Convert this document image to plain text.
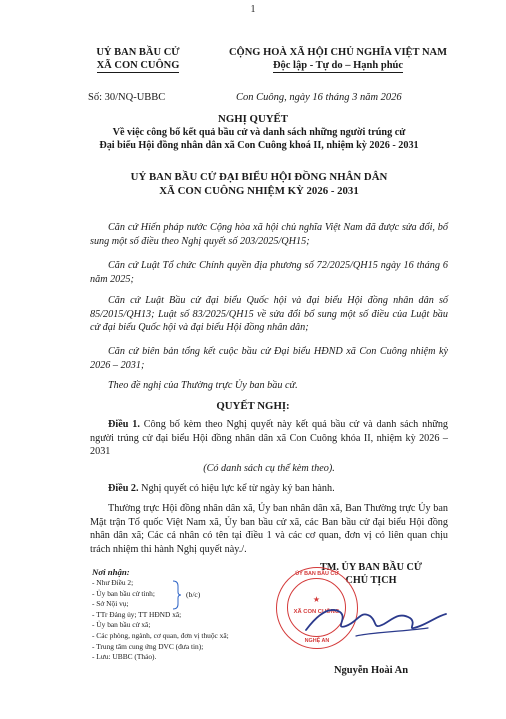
1
UỶ BAN BẦU CỬ
XÃ CON CUÔNG
CỘNG HOÀ XÃ HỘI CHỦ NGHĨA VIỆT NAM
Độc lập - Tự do – Hạnh phúc
Số: 30/NQ-UBBC	Con Cuông, ngày 16 tháng 3 năm 2026
NGHỊ QUYẾT
Về việc công bố kết quả bầu cử và danh sách những người trúng cử
Đại biểu Hội đồng nhân dân xã Con Cuông khoá II, nhiệm kỳ 2026 - 2031
UỶ BAN BẦU CỬ ĐẠI BIỂU HỘI ĐỒNG NHÂN DÂN
XÃ CON CUÔNG NHIỆM KỲ 2026 - 2031
Căn cứ Hiến pháp nước Cộng hòa xã hội chủ nghĩa Việt Nam đã được sửa đổi, bổ sung một số điều theo Nghị quyết số 203/2025/QH15;
Căn cứ Luật Tổ chức Chính quyền địa phương số 72/2025/QH15 ngày 16 tháng 6 năm 2025;
Căn cứ Luật Bầu cử đại biểu Quốc hội và đại biểu Hội đồng nhân dân số 85/2015/QH13; Luật số 83/2025/QH15 về sửa đổi bổ sung một số điều của Luật bầu cử đại biểu Quốc hội và đại biểu Hội đồng nhân dân;
Căn cứ biên bản tổng kết cuộc bầu cử Đại biểu HĐND xã Con Cuông nhiệm kỳ 2026 – 2031;
Theo đề nghị của Thường trực Ủy ban bầu cử.
QUYẾT NGHỊ:
Điều 1. Công bố kèm theo Nghị quyết này kết quả bầu cử và danh sách những người trúng cử đại biểu Hội đồng nhân dân xã Con Cuông khóa II, nhiệm kỳ 2026 – 2031
(Có danh sách cụ thể kèm theo).
Điều 2. Nghị quyết có hiệu lực kể từ ngày ký ban hành.
Thường trực Hội đồng nhân dân xã, Ủy ban nhân dân xã, Ban Thường trực Ủy ban Mặt trận Tổ quốc Việt Nam xã, Ủy ban bầu cử xã, các Ban bầu cử đại biểu Hội đồng nhân dân xã; Các cá nhân có tên tại điều 1 và các cơ quan, đơn vị có liên quan chịu trách nhiệm thi hành Nghị quyết này./.
Nơi nhận:
- Như Điều 2;
- Ủy ban bầu cử tỉnh;
- Sở Nội vụ;
- TTr Đảng ủy; TT HĐND xã;
- Ủy ban bầu cử xã;
- Các phòng, ngành, cơ quan, đơn vị thuộc xã;
- Trung tâm cung ứng DVC (đưa tin);
- Lưu: UBBC (Thảo).
(b/c)
TM. ỦY BAN BẦU CỬ
CHỦ TỊCH
ỦY BAN BẦU CỬ
★
XÃ CON CUÔNG
NGHỆ AN
Nguyễn Hoài An
